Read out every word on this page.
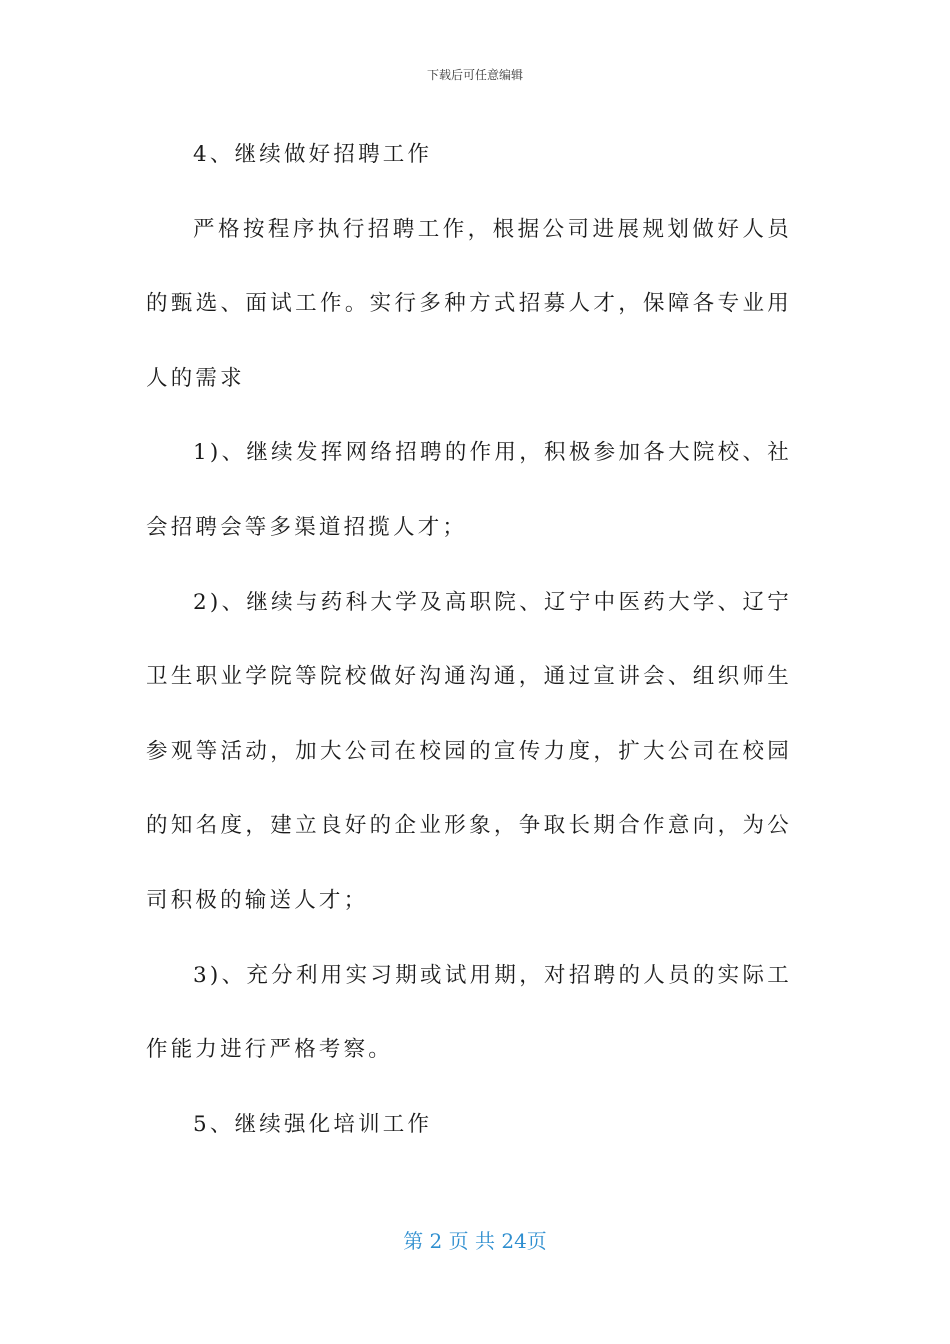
下载后可任意编辑

4、继续做好招聘工作

严格按程序执行招聘工作，根据公司进展规划做好人员的甄选、面试工作。实行多种方式招募人才，保障各专业用人的需求

1)、继续发挥网络招聘的作用，积极参加各大院校、社会招聘会等多渠道招揽人才；

2)、继续与药科大学及高职院、辽宁中医药大学、辽宁卫生职业学院等院校做好沟通沟通，通过宣讲会、组织师生参观等活动，加大公司在校园的宣传力度，扩大公司在校园的知名度，建立良好的企业形象，争取长期合作意向，为公司积极的输送人才；

3)、充分利用实习期或试用期，对招聘的人员的实际工作能力进行严格考察。

5、继续强化培训工作

第 2 页 共 24页
